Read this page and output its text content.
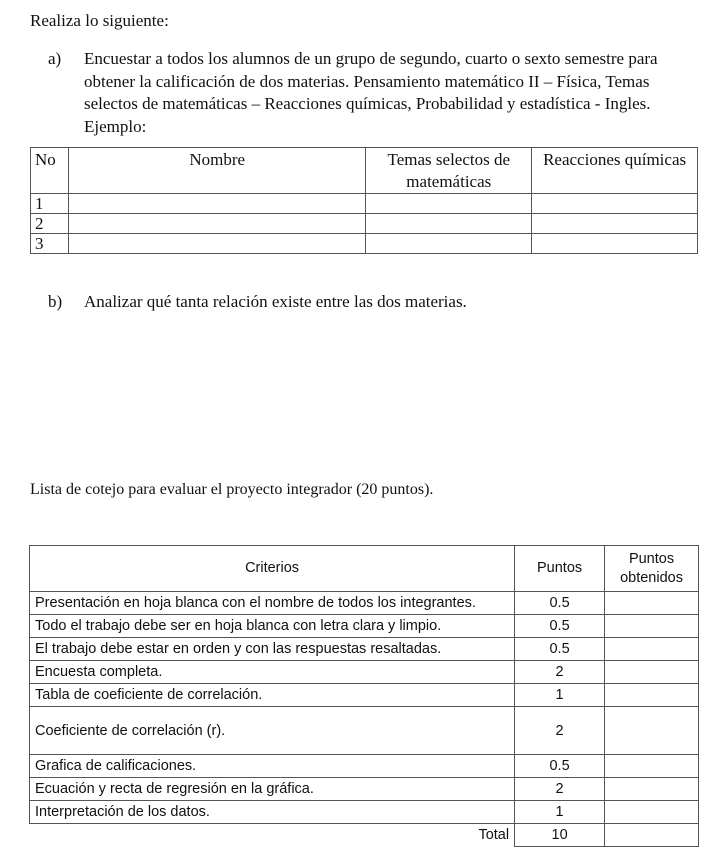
Realiza lo siguiente:
a) Encuestar a todos los alumnos de un grupo de segundo, cuarto o sexto semestre para obtener la calificación de dos materias. Pensamiento matemático II – Física, Temas selectos de matemáticas – Reacciones químicas, Probabilidad y estadística - Ingles.
Ejemplo:
No	Nombre	Temas selectos de matemáticas	Reacciones químicas
1			
2			
3			
b) Analizar qué tanta relación existe entre las dos materias.
Lista de cotejo para evaluar el proyecto integrador (20 puntos).
Criterios	Puntos	Puntos obtenidos
Presentación en hoja blanca con el nombre de todos los integrantes.	0.5	
Todo el trabajo debe ser en hoja blanca con letra clara y limpio.	0.5	
El trabajo debe estar en orden y con las respuestas resaltadas.	0.5	
Encuesta completa.	2	
Tabla de coeficiente de correlación.	1	
Coeficiente de correlación (r).	2	
Grafica de calificaciones.	0.5	
Ecuación y recta de regresión en la gráfica.	2	
Interpretación de los datos.	1	
Total	10	
